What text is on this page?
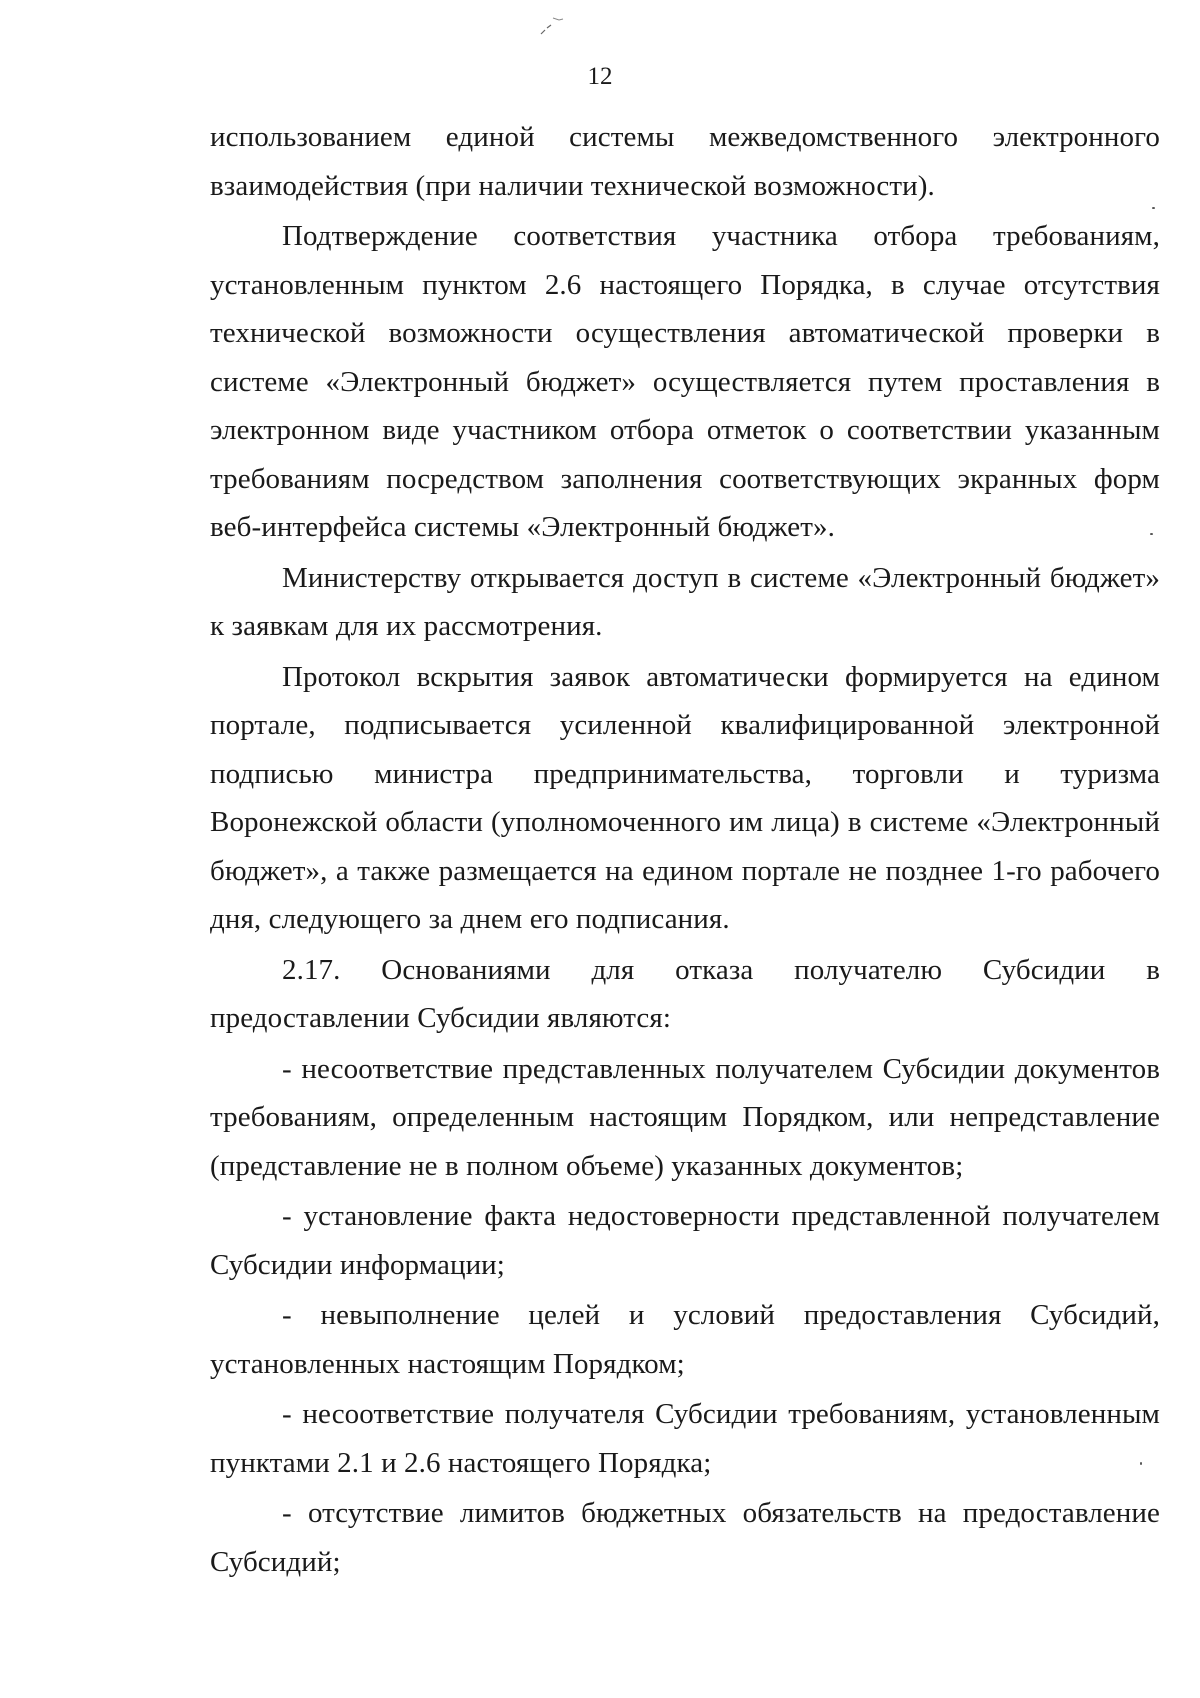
12

использованием единой системы межведомственного электронного взаимодействия (при наличии технической возможности).

Подтверждение соответствия участника отбора требованиям, установленным пунктом 2.6 настоящего Порядка, в случае отсутствия технической возможности осуществления автоматической проверки в системе «Электронный бюджет» осуществляется путем проставления в электронном виде участником отбора отметок о соответствии указанным требованиям посредством заполнения соответствующих экранных форм веб-интерфейса системы «Электронный бюджет».

Министерству открывается доступ в системе «Электронный бюджет» к заявкам для их рассмотрения.

Протокол вскрытия заявок автоматически формируется на едином портале, подписывается усиленной квалифицированной электронной подписью министра предпринимательства, торговли и туризма Воронежской области (уполномоченного им лица) в системе «Электронный бюджет», а также размещается на едином портале не позднее 1-го рабочего дня, следующего за днем его подписания.

2.17. Основаниями для отказа получателю Субсидии в предоставлении Субсидии являются:

- несоответствие представленных получателем Субсидии документов требованиям, определенным настоящим Порядком, или непредставление (представление не в полном объеме) указанных документов;

- установление факта недостоверности представленной получателем Субсидии информации;

- невыполнение целей и условий предоставления Субсидий, установленных настоящим Порядком;

- несоответствие получателя Субсидии требованиям, установленным пунктами 2.1 и 2.6 настоящего Порядка;

- отсутствие лимитов бюджетных обязательств на предоставление Субсидий;
